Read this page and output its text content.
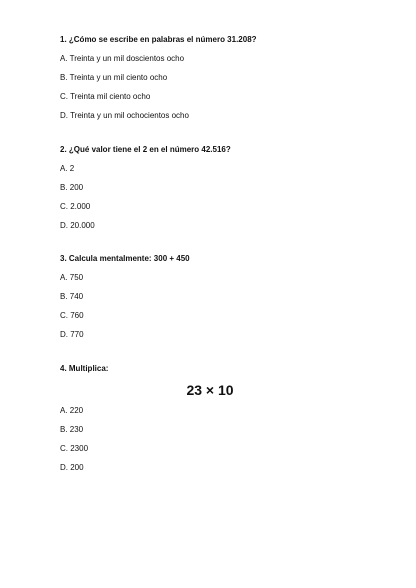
1. ¿Cómo se escribe en palabras el número 31.208?
A. Treinta y un mil doscientos ocho
B. Treinta y un mil ciento ocho
C. Treinta mil ciento ocho
D. Treinta y un mil ochocientos ocho
2. ¿Qué valor tiene el 2 en el número 42.516?
A. 2
B. 200
C. 2.000
D. 20.000
3. Calcula mentalmente: 300 + 450
A. 750
B. 740
C. 760
D. 770
4. Multiplica:
23 × 10
A. 220
B. 230
C. 2300
D. 200
